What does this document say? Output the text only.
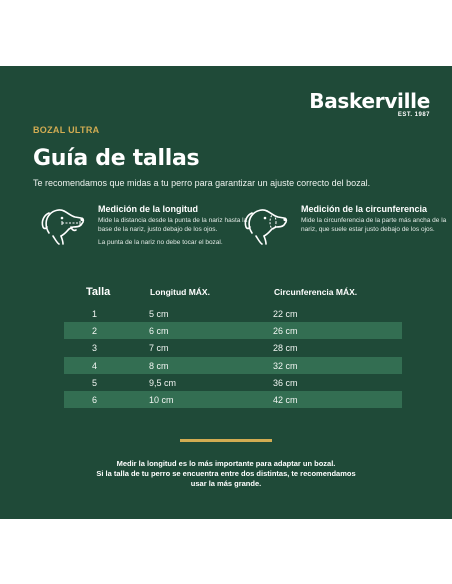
Baskerville
EST. 1987
BOZAL ULTRA
Guía de tallas
Te recomendamos que midas a tu perro para garantizar un ajuste correcto del bozal.
Medición de la longitud
Mide la distancia desde la punta de la nariz hasta la base de la nariz, justo debajo de los ojos.
La punta de la nariz no debe tocar el bozal.
Medición de la circunferencia
Mide la circunferencia de la parte más ancha de la nariz, que suele estar justo debajo de los ojos.
Talla	Longitud MÁX.	Circunferencia MÁX.
1	5 cm	22 cm
2	6 cm	26 cm
3	7 cm	28 cm
4	8 cm	32 cm
5	9,5 cm	36 cm
6	10 cm	42 cm
Medir la longitud es lo más importante para adaptar un bozal.
Si la talla de tu perro se encuentra entre dos distintas, te recomendamos
usar la más grande.
